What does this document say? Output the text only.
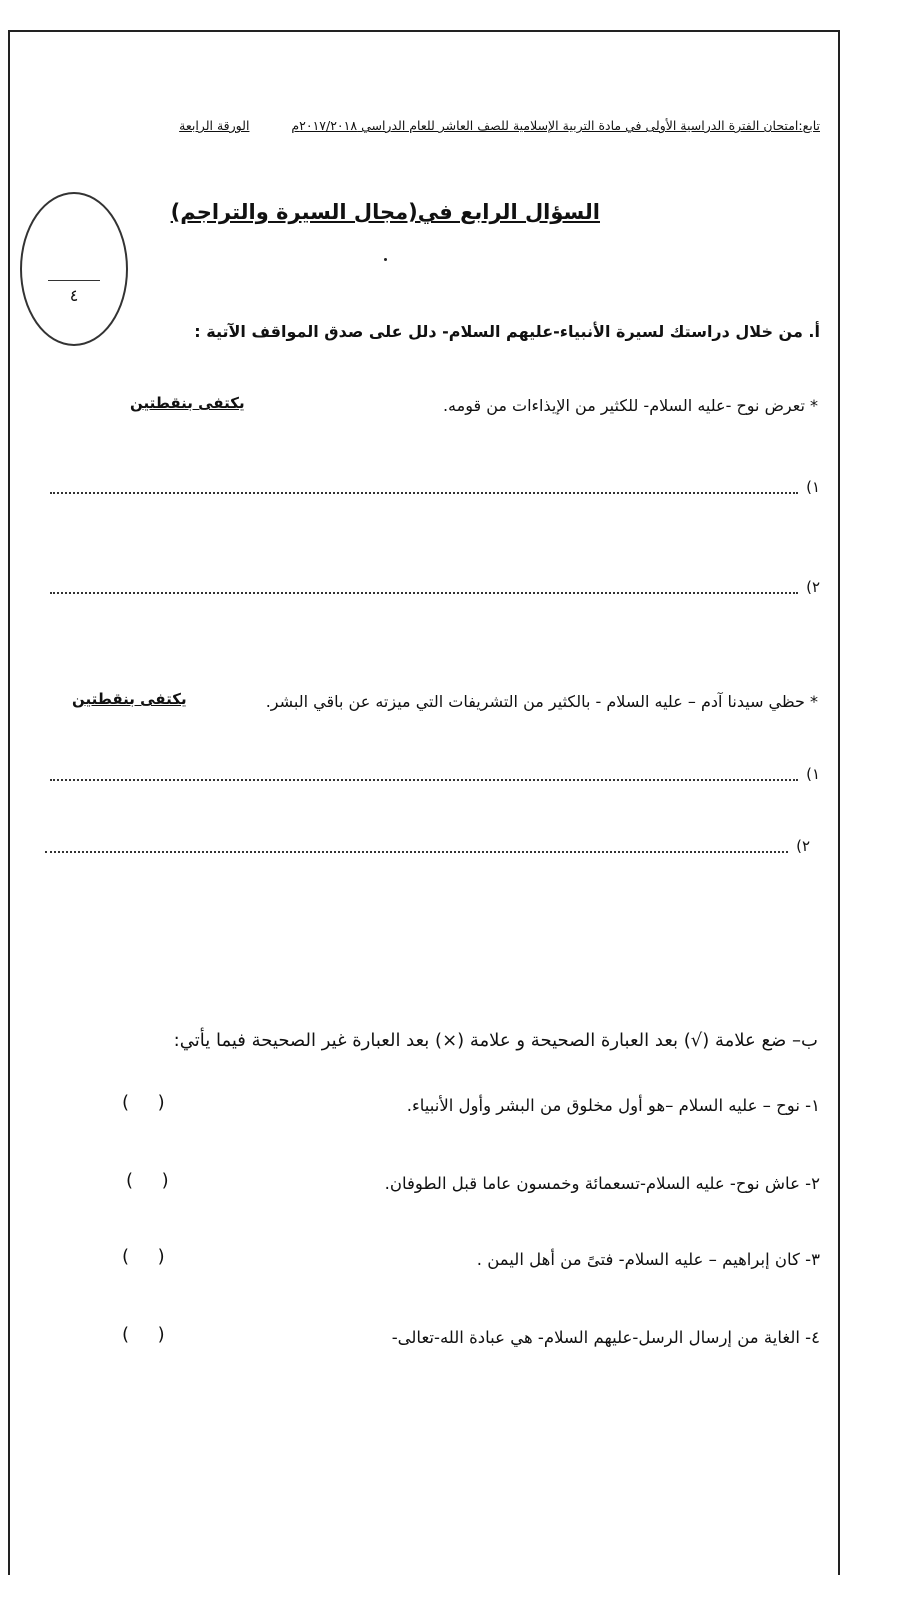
تابع:امتحان الفترة الدراسية الأولى في مادة التربية الإسلامية للصف العاشر للعام الدراسي ٢٠١٧/٢٠١٨م الورقة الرابعة
٤
السؤال الرابع في(مجال السيرة والتراجم)
أ. من خلال دراستك لسيرة الأنبياء-عليهم السلام- دلل على صدق المواقف الآتية :
* تعرض نوح -عليه السلام- للكثير من الإيذاءات من قومه.
يكتفى بنقطتين
١)
٢)
* حظي سيدنا آدم – عليه السلام - بالكثير من التشريفات التي ميزته عن باقي البشر.
يكتفى بنقطتين
١)
٢)
ب– ضع علامة (√) بعد العبارة الصحيحة و علامة (×) بعد العبارة غير الصحيحة فيما يأتي:
١- نوح – عليه السلام –هو أول مخلوق من البشر وأول الأنبياء.
(     )
٢- عاش نوح- عليه السلام-تسعمائة وخمسون عاما قبل الطوفان.
(     )
٣- كان إبراهيم – عليه السلام- فتىً من أهل اليمن .
(     )
٤- الغاية من إرسال الرسل-عليهم السلام- هي عبادة الله-تعالى-
(     )
